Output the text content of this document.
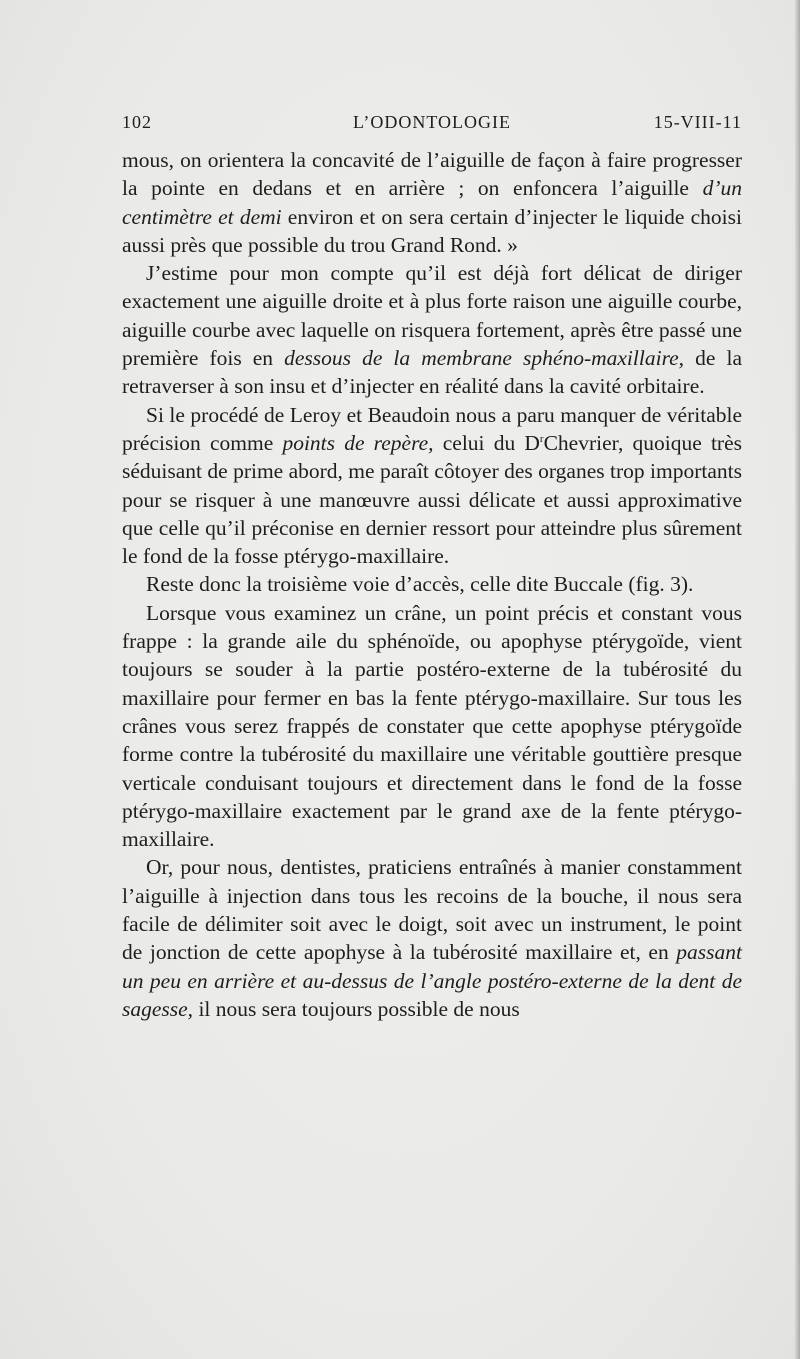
102	L’ODONTOLOGIE	15-VIII-11

mous, on orientera la concavité de l’aiguille de façon à faire progresser la pointe en dedans et en arrière ; on enfoncera l’aiguille d’un centimètre et demi environ et on sera certain d’injecter le liquide choisi aussi près que possible du trou Grand Rond. »

J’estime pour mon compte qu’il est déjà fort délicat de diriger exactement une aiguille droite et à plus forte raison une aiguille courbe, aiguille courbe avec laquelle on risquera fortement, après être passé une première fois en dessous de la membrane sphéno-maxillaire, de la retraverser à son insu et d’injecter en réalité dans la cavité orbitaire.

Si le procédé de Leroy et Beaudoin nous a paru manquer de véritable précision comme points de repère, celui du $D^rChevrier$, quoique très séduisant de prime abord, me paraît côtoyer des organes trop importants pour se risquer à une manœuvre aussi délicate et aussi approximative que celle qu’il préconise en dernier ressort pour atteindre plus sûrement le fond de la fosse ptérygo-maxillaire.

Reste donc la troisième voie d’accès, celle dite Buccale (fig. 3).

Lorsque vous examinez un crâne, un point précis et constant vous frappe : la grande aile du sphénoïde, ou apophyse ptérygoïde, vient toujours se souder à la partie postéro-externe de la tubérosité du maxillaire pour fermer en bas la fente ptérygo-maxillaire. Sur tous les crânes vous serez frappés de constater que cette apophyse ptérygoïde forme contre la tubérosité du maxillaire une véritable gouttière presque verticale conduisant toujours et directement dans le fond de la fosse ptérygo-maxillaire exactement par le grand axe de la fente ptérygo-maxillaire.

Or, pour nous, dentistes, praticiens entraînés à manier constamment l’aiguille à injection dans tous les recoins de la bouche, il nous sera facile de délimiter soit avec le doigt, soit avec un instrument, le point de jonction de cette apophyse à la tubérosité maxillaire et, en passant un peu en arrière et au-dessus de l’angle postéro-externe de la dent de sagesse, il nous sera toujours possible de nous
